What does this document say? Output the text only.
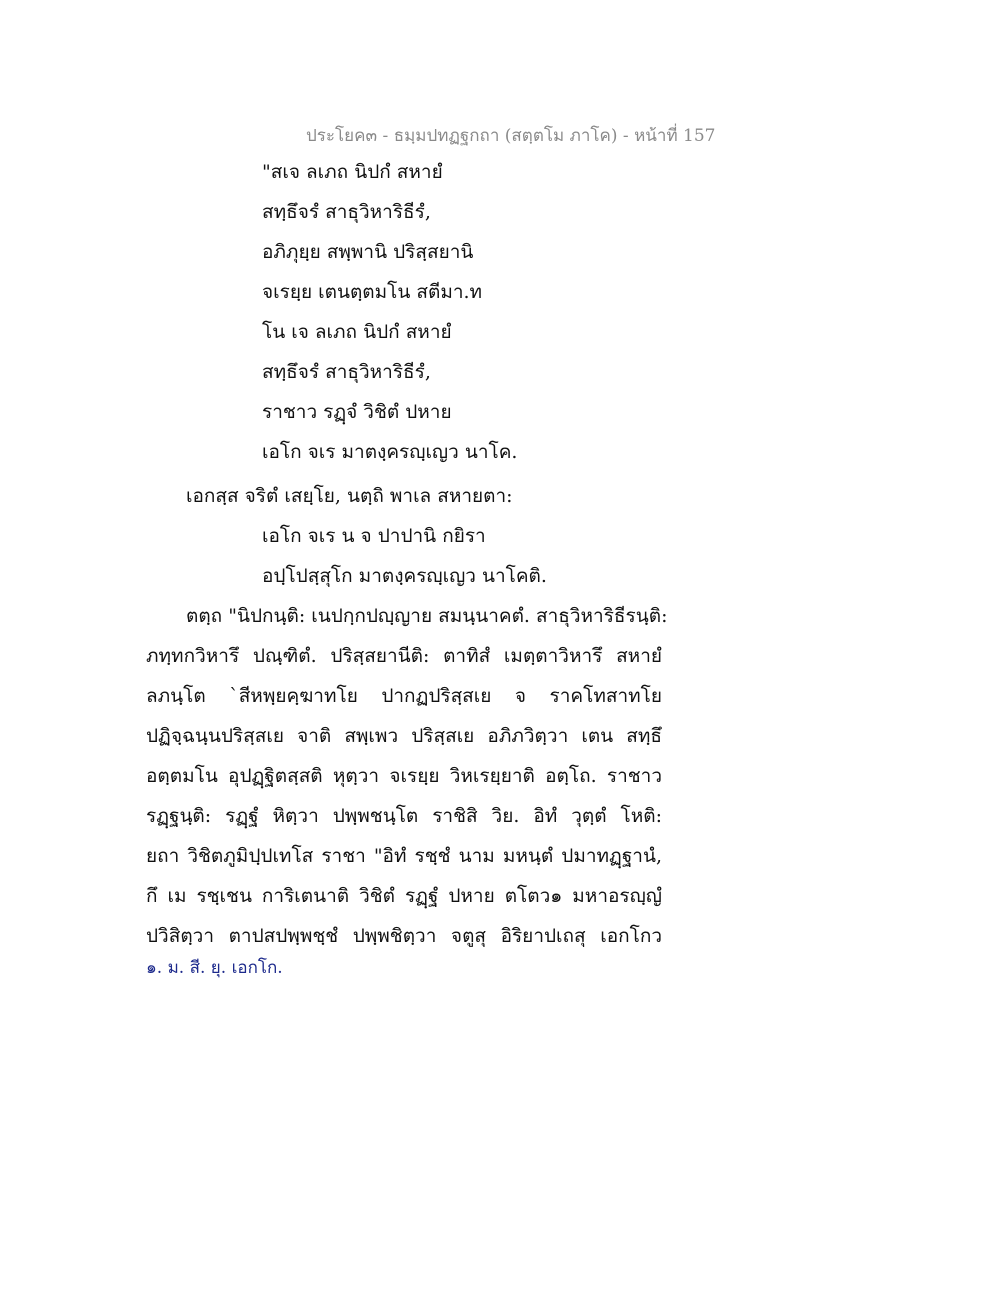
ประโยค๓ - ธมฺมปทฏฐกถา (สตฺตโม ภาโค) - หน้าที่ 157
"สเจ ลเภถ นิปกํ สหายํ
สทฺธึจรํ สาธุวิหาริธีรํ,
อภิภุยฺย สพฺพานิ ปริสฺสยานิ
จเรยฺย เตนตฺตมโน สตีมา.ท
โน เจ ลเภถ นิปกํ สหายํ
สทฺธึจรํ สาธุวิหาริธีรํ,
ราชาว รฏฺจํ วิชิตํ ปหาย
เอโก จเร มาตงฺครญฺเญว นาโค.
เอกสฺส จริตํ เสยฺโย, นตฺถิ พาเล สหายตา:
เอโก จเร น จ ปาปานิ กยิรา
อปฺโปสฺสุโก มาตงฺครญฺเญว นาโคติ.
ตตฺถ "นิปกนฺติ: เนปกฺกปญฺญาย สมนฺนาคตํ. สาธุวิหาริธีรนฺติ:
ภทฺทกวิหารึ ปณฺฑิตํ. ปริสฺสยานีติ: ตาทิสํ เมตฺตาวิหารึ สหายํ
ลภนฺโต `สีหพฺยคฺฆาทโย ปากฏปริสฺสเย จ ราคโทสาทโย
ปฏิจฺฉนฺนปริสฺสเย จาติ สพฺเพว ปริสฺสเย อภิภวิตฺวา เตน สทฺธึ
อตฺตมโน อุปฏฺฐิตสฺสติ หุตฺวา จเรยฺย วิหเรยฺยาติ อตฺโถ. ราชาว
รฏฺฐนฺติ: รฏฺฐํ หิตฺวา ปพฺพชนฺโต ราชิสิ วิย. อิทํ วุตฺตํ โหติ:
ยถา วิชิตภูมิปฺปเทโส ราชา "อิทํ รชฺชํ นาม มหนฺตํ ปมาทฏฺฐานํ,
กึ เม รชฺเชน การิเตนาติ วิชิตํ รฏฺฐํ ปหาย ตโตว๑ มหาอรญฺญํ
ปวิสิตฺวา ตาปสปพฺพชฺชํ ปพฺพชิตฺวา จตูสุ อิริยาปเถสุ เอกโกว
๑. ม. สี. ยุ. เอกโก.
